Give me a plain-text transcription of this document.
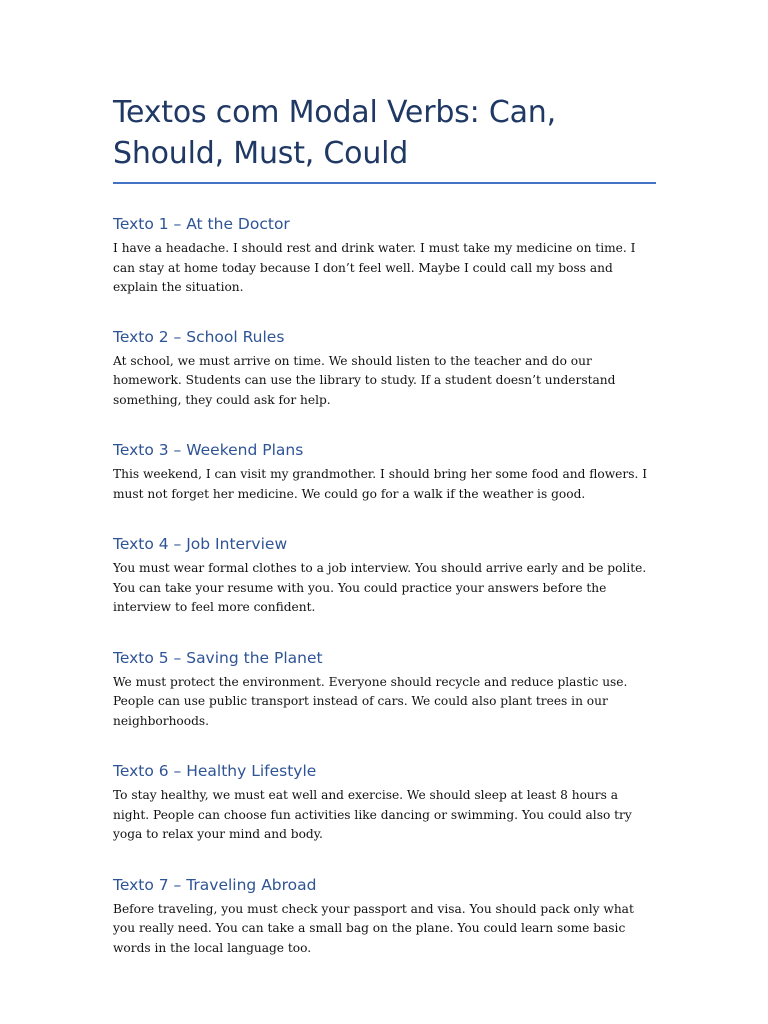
Textos com Modal Verbs: Can, Should, Must, Could
Texto 1 – At the Doctor

I have a headache. I should rest and drink water. I must take my medicine on time. I can stay at home today because I don’t feel well. Maybe I could call my boss and explain the situation.

Texto 2 – School Rules

At school, we must arrive on time. We should listen to the teacher and do our homework. Students can use the library to study. If a student doesn’t understand something, they could ask for help.

Texto 3 – Weekend Plans

This weekend, I can visit my grandmother. I should bring her some food and flowers. I must not forget her medicine. We could go for a walk if the weather is good.

Texto 4 – Job Interview

You must wear formal clothes to a job interview. You should arrive early and be polite. You can take your resume with you. You could practice your answers before the interview to feel more confident.

Texto 5 – Saving the Planet

We must protect the environment. Everyone should recycle and reduce plastic use. People can use public transport instead of cars. We could also plant trees in our neighborhoods.

Texto 6 – Healthy Lifestyle

To stay healthy, we must eat well and exercise. We should sleep at least 8 hours a night. People can choose fun activities like dancing or swimming. You could also try yoga to relax your mind and body.

Texto 7 – Traveling Abroad

Before traveling, you must check your passport and visa. You should pack only what you really need. You can take a small bag on the plane. You could learn some basic words in the local language too.
